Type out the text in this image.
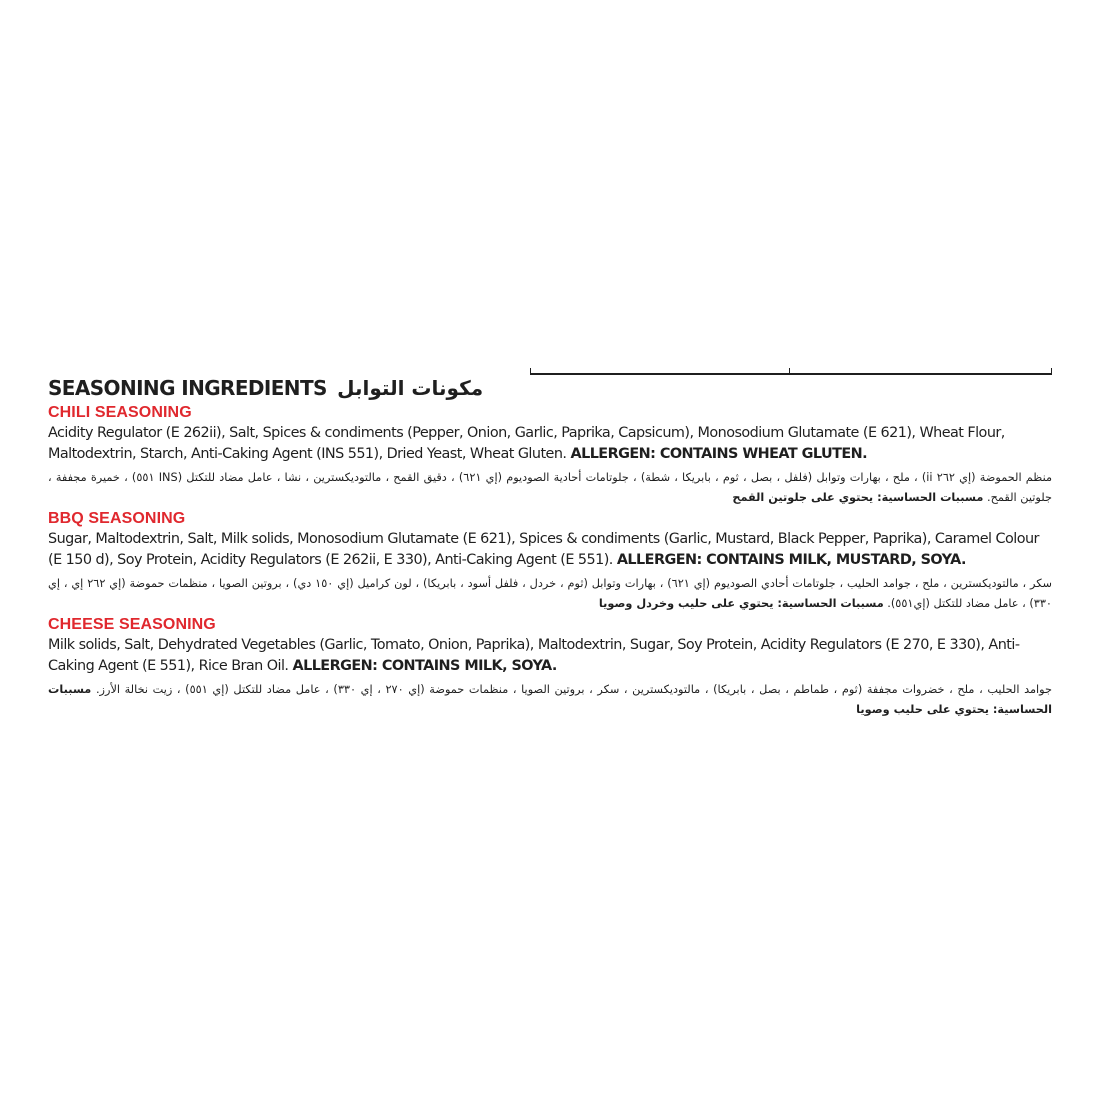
SEASONING INGREDIENTS مكونات التوابل
CHILI SEASONING

Acidity Regulator (E 262ii), Salt, Spices & condiments (Pepper, Onion, Garlic, Paprika, Capsicum), Monosodium Glutamate (E 621), Wheat Flour, Maltodextrin, Starch, Anti-Caking Agent (INS 551), Dried Yeast, Wheat Gluten. ALLERGEN: CONTAINS WHEAT GLUTEN.

منظم الحموضة (إي ٢٦٢ ii) ، ملح ، بهارات وتوابل (فلفل ، بصل ، ثوم ، بابريكا ، شطة) ، جلوتامات أحادية الصوديوم (إي ٦٢١) ، دقيق القمح ، مالتوديكسترين ، نشا ، عامل مضاد للتكتل (INS ٥٥١) ، خميرة مجففة ، جلوتين القمح. مسببات الحساسية: يحتوي على جلوتين القمح

BBQ SEASONING

Sugar, Maltodextrin, Salt, Milk solids, Monosodium Glutamate (E 621), Spices & condiments (Garlic, Mustard, Black Pepper, Paprika), Caramel Colour (E 150 d), Soy Protein, Acidity Regulators (E 262ii, E 330), Anti-Caking Agent (E 551). ALLERGEN: CONTAINS MILK, MUSTARD, SOYA.

سكر ، مالتوديكسترين ، ملح ، جوامد الحليب ، جلوتامات أحادي الصوديوم (إي ٦٢١) ، بهارات وتوابل (ثوم ، خردل ، فلفل أسود ، بابريكا) ، لون كراميل (إي ١٥٠ دي) ، بروتين الصويا ، منظمات حموضة (إي ٢٦٢ إي ، إي ٣٣٠) ، عامل مضاد للتكتل (إي٥٥١). مسببات الحساسية: يحتوي على حليب وخردل وصويا

CHEESE SEASONING

Milk solids, Salt, Dehydrated Vegetables (Garlic, Tomato, Onion, Paprika), Maltodextrin, Sugar, Soy Protein, Acidity Regulators (E 270, E 330), Anti-Caking Agent (E 551), Rice Bran Oil. ALLERGEN: CONTAINS MILK, SOYA.

جوامد الحليب ، ملح ، خضروات مجففة (ثوم ، طماطم ، بصل ، بابريكا) ، مالتوديكسترين ، سكر ، بروتين الصويا ، منظمات حموضة (إي ٢٧٠ ، إي ٣٣٠) ، عامل مضاد للتكتل (إي ٥٥١) ، زيت نخالة الأرز. مسببات الحساسية: يحتوي على حليب وصويا
